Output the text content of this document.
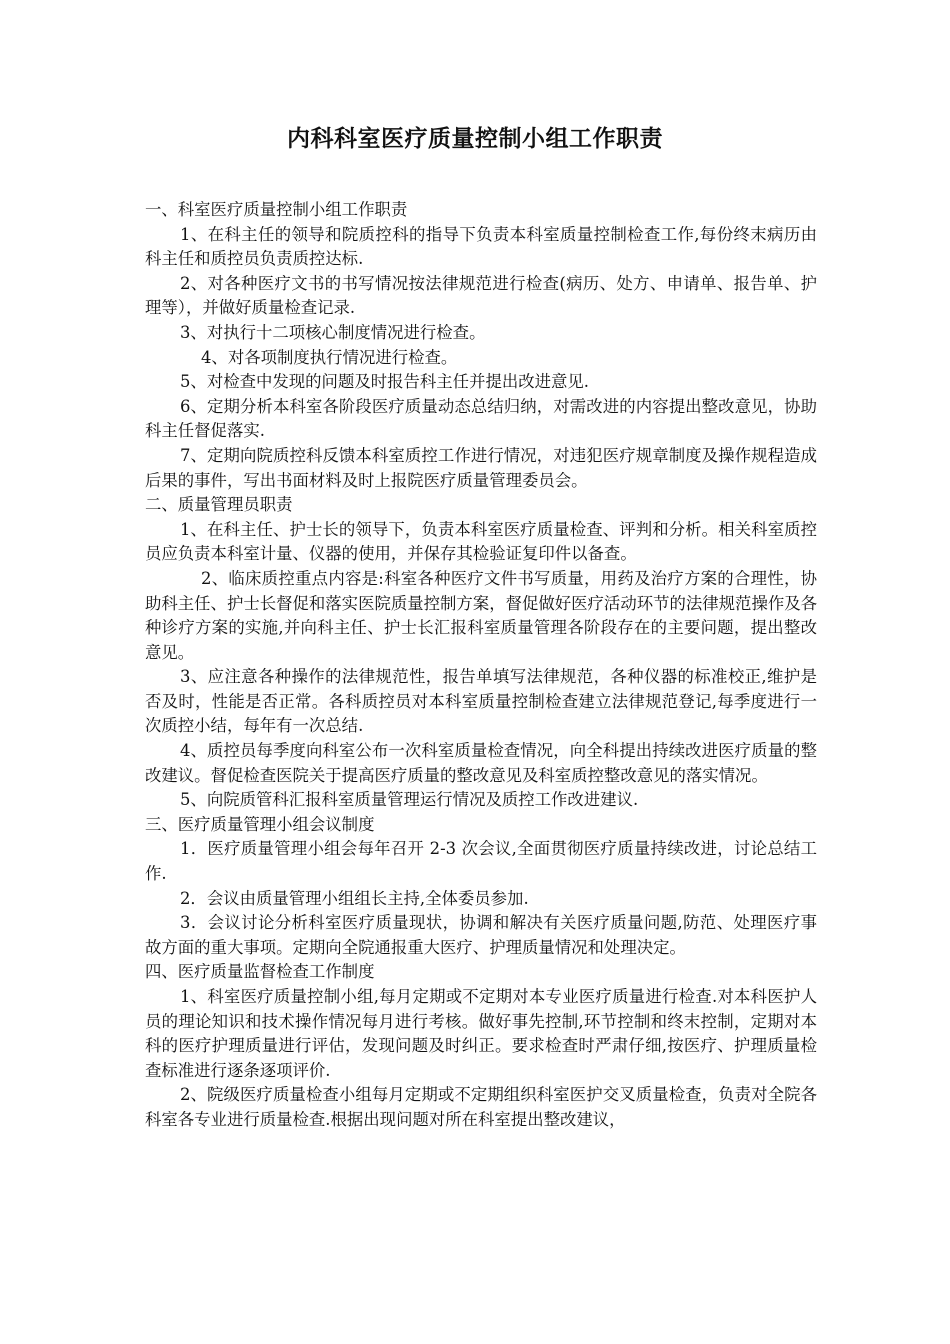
内科科室医疗质量控制小组工作职责

一、科室医疗质量控制小组工作职责

1、在科主任的领导和院质控科的指导下负责本科室质量控制检查工作,每份终末病历由科主任和质控员负责质控达标.

2、对各种医疗文书的书写情况按法律规范进行检查(病历、处方、申请单、报告单、护理等），并做好质量检查记录.

3、对执行十二项核心制度情况进行检查。

4、对各项制度执行情况进行检查。

5、对检查中发现的问题及时报告科主任并提出改进意见.

6、定期分析本科室各阶段医疗质量动态总结归纳，对需改进的内容提出整改意见，协助科主任督促落实.

7、定期向院质控科反馈本科室质控工作进行情况，对违犯医疗规章制度及操作规程造成后果的事件，写出书面材料及时上报院医疗质量管理委员会。

二、质量管理员职责

1、在科主任、护士长的领导下，负责本科室医疗质量检查、评判和分析。相关科室质控员应负责本科室计量、仪器的使用，并保存其检验证复印件以备查。

2、临床质控重点内容是:科室各种医疗文件书写质量，用药及治疗方案的合理性，协助科主任、护士长督促和落实医院质量控制方案，督促做好医疗活动环节的法律规范操作及各种诊疗方案的实施,并向科主任、护士长汇报科室质量管理各阶段存在的主要问题，提出整改意见。

3、应注意各种操作的法律规范性，报告单填写法律规范，各种仪器的标准校正,维护是否及时，性能是否正常。各科质控员对本科室质量控制检查建立法律规范登记,每季度进行一次质控小结，每年有一次总结.

4、质控员每季度向科室公布一次科室质量检查情况，向全科提出持续改进医疗质量的整改建议。督促检查医院关于提高医疗质量的整改意见及科室质控整改意见的落实情况。

5、向院质管科汇报科室质量管理运行情况及质控工作改进建议.

三、医疗质量管理小组会议制度

1．医疗质量管理小组会每年召开 2-3 次会议,全面贯彻医疗质量持续改进，讨论总结工作.

2．会议由质量管理小组组长主持,全体委员参加.

3．会议讨论分析科室医疗质量现状，协调和解决有关医疗质量问题,防范、处理医疗事故方面的重大事项。定期向全院通报重大医疗、护理质量情况和处理决定。

四、医疗质量监督检查工作制度

1、科室医疗质量控制小组,每月定期或不定期对本专业医疗质量进行检查.对本科医护人员的理论知识和技术操作情况每月进行考核。做好事先控制,环节控制和终末控制，定期对本科的医疗护理质量进行评估，发现问题及时纠正。要求检查时严肃仔细,按医疗、护理质量检查标准进行逐条逐项评价.

2、院级医疗质量检查小组每月定期或不定期组织科室医护交叉质量检查，负责对全院各科室各专业进行质量检查.根据出现问题对所在科室提出整改建议，
